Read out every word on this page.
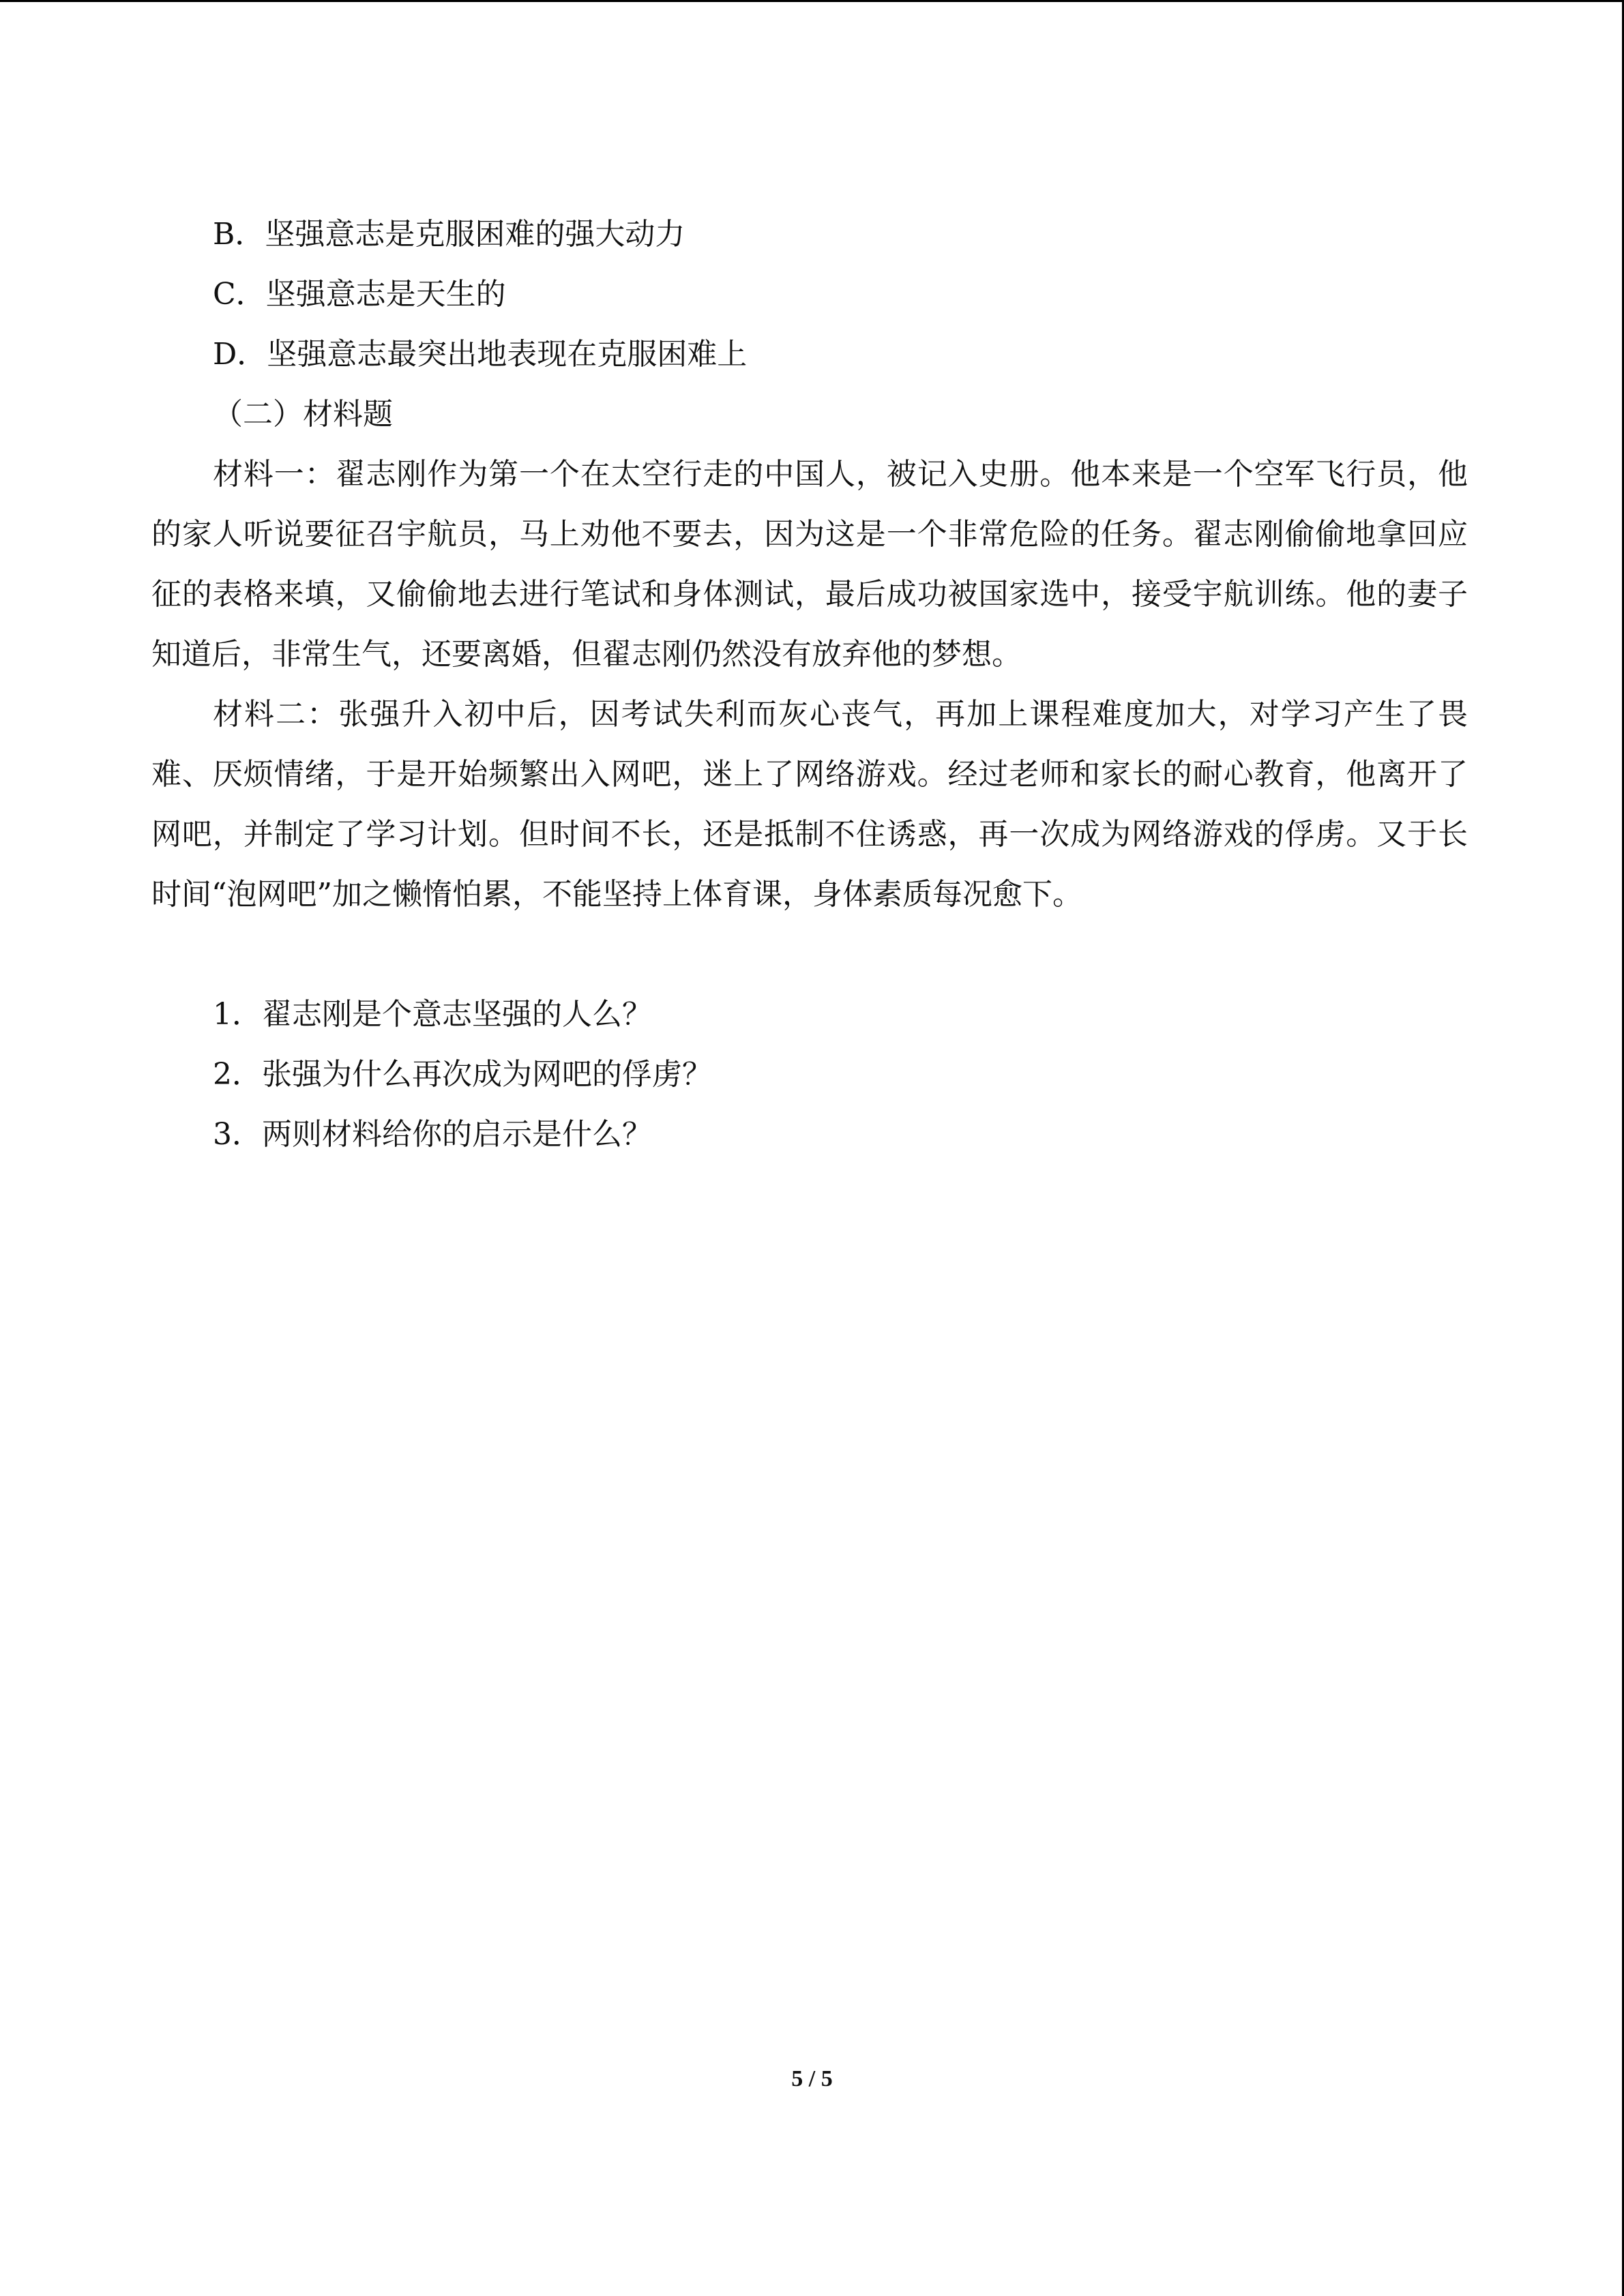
B．坚强意志是克服困难的强大动力
C．坚强意志是天生的
D．坚强意志最突出地表现在克服困难上
（二）材料题

材料一：翟志刚作为第一个在太空行走的中国人，被记入史册。他本来是一个空军飞行员，他的家人听说要征召宇航员，马上劝他不要去，因为这是一个非常危险的任务。翟志刚偷偷地拿回应征的表格来填，又偷偷地去进行笔试和身体测试，最后成功被国家选中，接受宇航训练。他的妻子知道后，非常生气，还要离婚，但翟志刚仍然没有放弃他的梦想。

材料二：张强升入初中后，因考试失利而灰心丧气，再加上课程难度加大，对学习产生了畏难、厌烦情绪，于是开始频繁出入网吧，迷上了网络游戏。经过老师和家长的耐心教育，他离开了网吧，并制定了学习计划。但时间不长，还是抵制不住诱惑，再一次成为网络游戏的俘虏。又于长时间“泡网吧”加之懒惰怕累，不能坚持上体育课，身体素质每况愈下。

1．翟志刚是个意志坚强的人么？
2．张强为什么再次成为网吧的俘虏？
3．两则材料给你的启示是什么？
5 / 5
